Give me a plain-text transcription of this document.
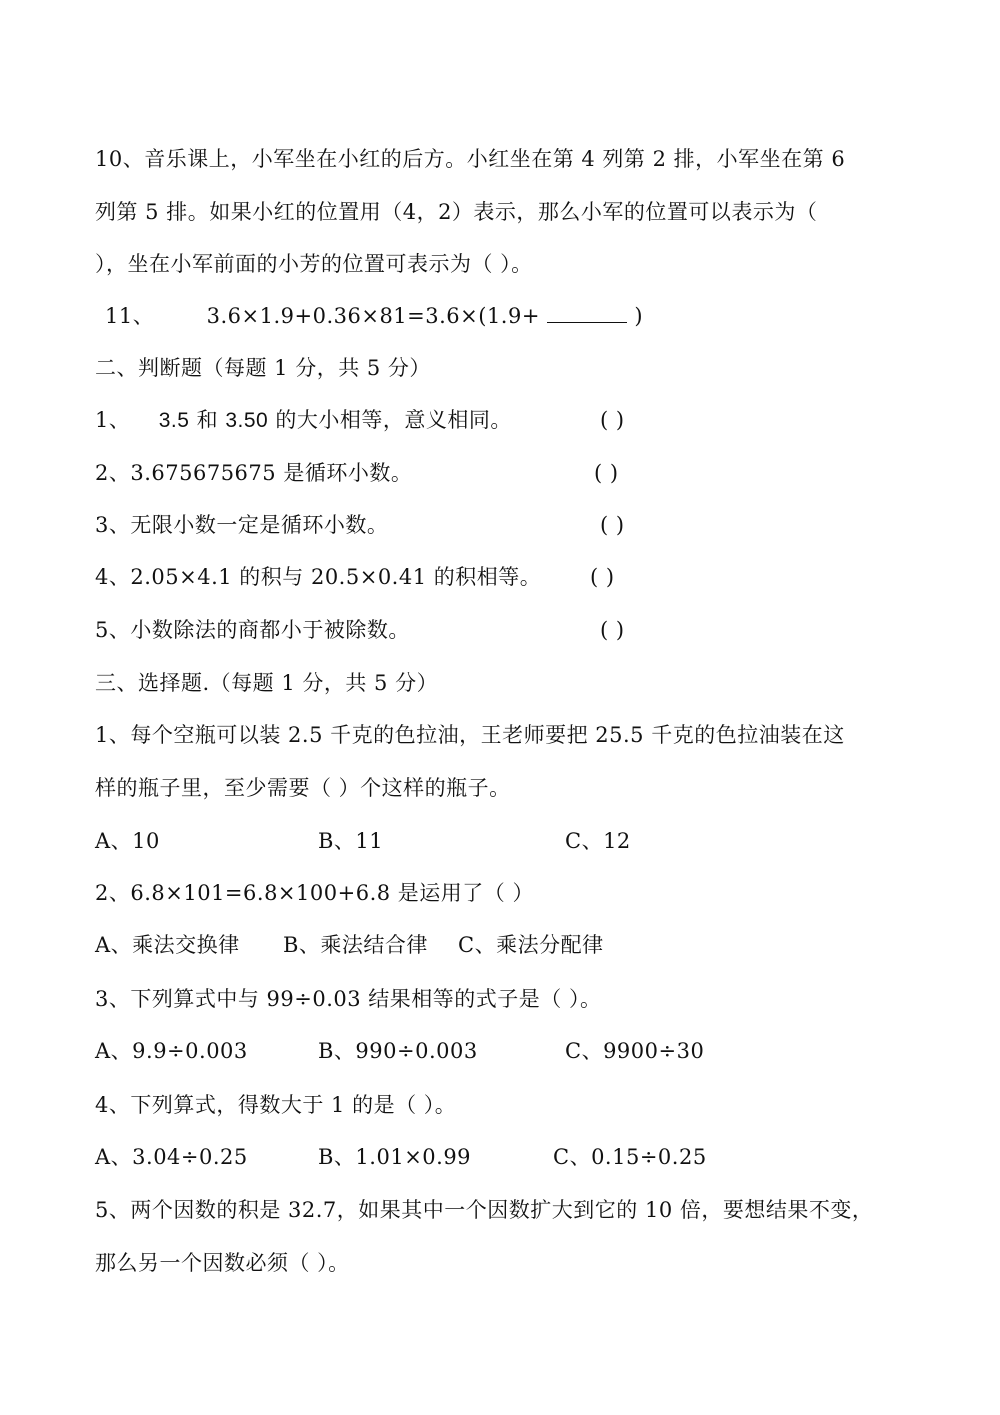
10、音乐课上，小军坐在小红的后方。小红坐在第 4 列第 2 排，小军坐在第 6
列第 5 排。如果小红的位置用（4，2）表示，那么小军的位置可以表示为（
），坐在小军前面的小芳的位置可表示为（ ）。
11、 3.6×1.9+0.36×81=3.6×(1.9+	)
二、判断题（每题 1 分，共 5 分）
1、 3.5 和 3.50 的大小相等，意义相同。	( )
2、3.675675675 是循环小数。	( )
3、无限小数一定是循环小数。	( )
4、2.05×4.1 的积与 20.5×0.41 的积相等。 ( )
5、小数除法的商都小于被除数。	( )
三、选择题.（每题 1 分，共 5 分）
1、每个空瓶可以装 2.5 千克的色拉油，王老师要把 25.5 千克的色拉油装在这
样的瓶子里，至少需要（ ）个这样的瓶子。
A、10	B、11	C、12
2、6.8×101=6.8×100+6.8 是运用了（ ）
A、乘法交换律 B、乘法结合律 C、乘法分配律
3、下列算式中与 99÷0.03 结果相等的式子是（ ）。
A、9.9÷0.003	B、990÷0.003	C、9900÷30
4、下列算式，得数大于 1 的是（ ）。
A、3.04÷0.25	B、1.01×0.99	C、0.15÷0.25
5、两个因数的积是 32.7，如果其中一个因数扩大到它的 10 倍，要想结果不变，
那么另一个因数必须（ ）。
